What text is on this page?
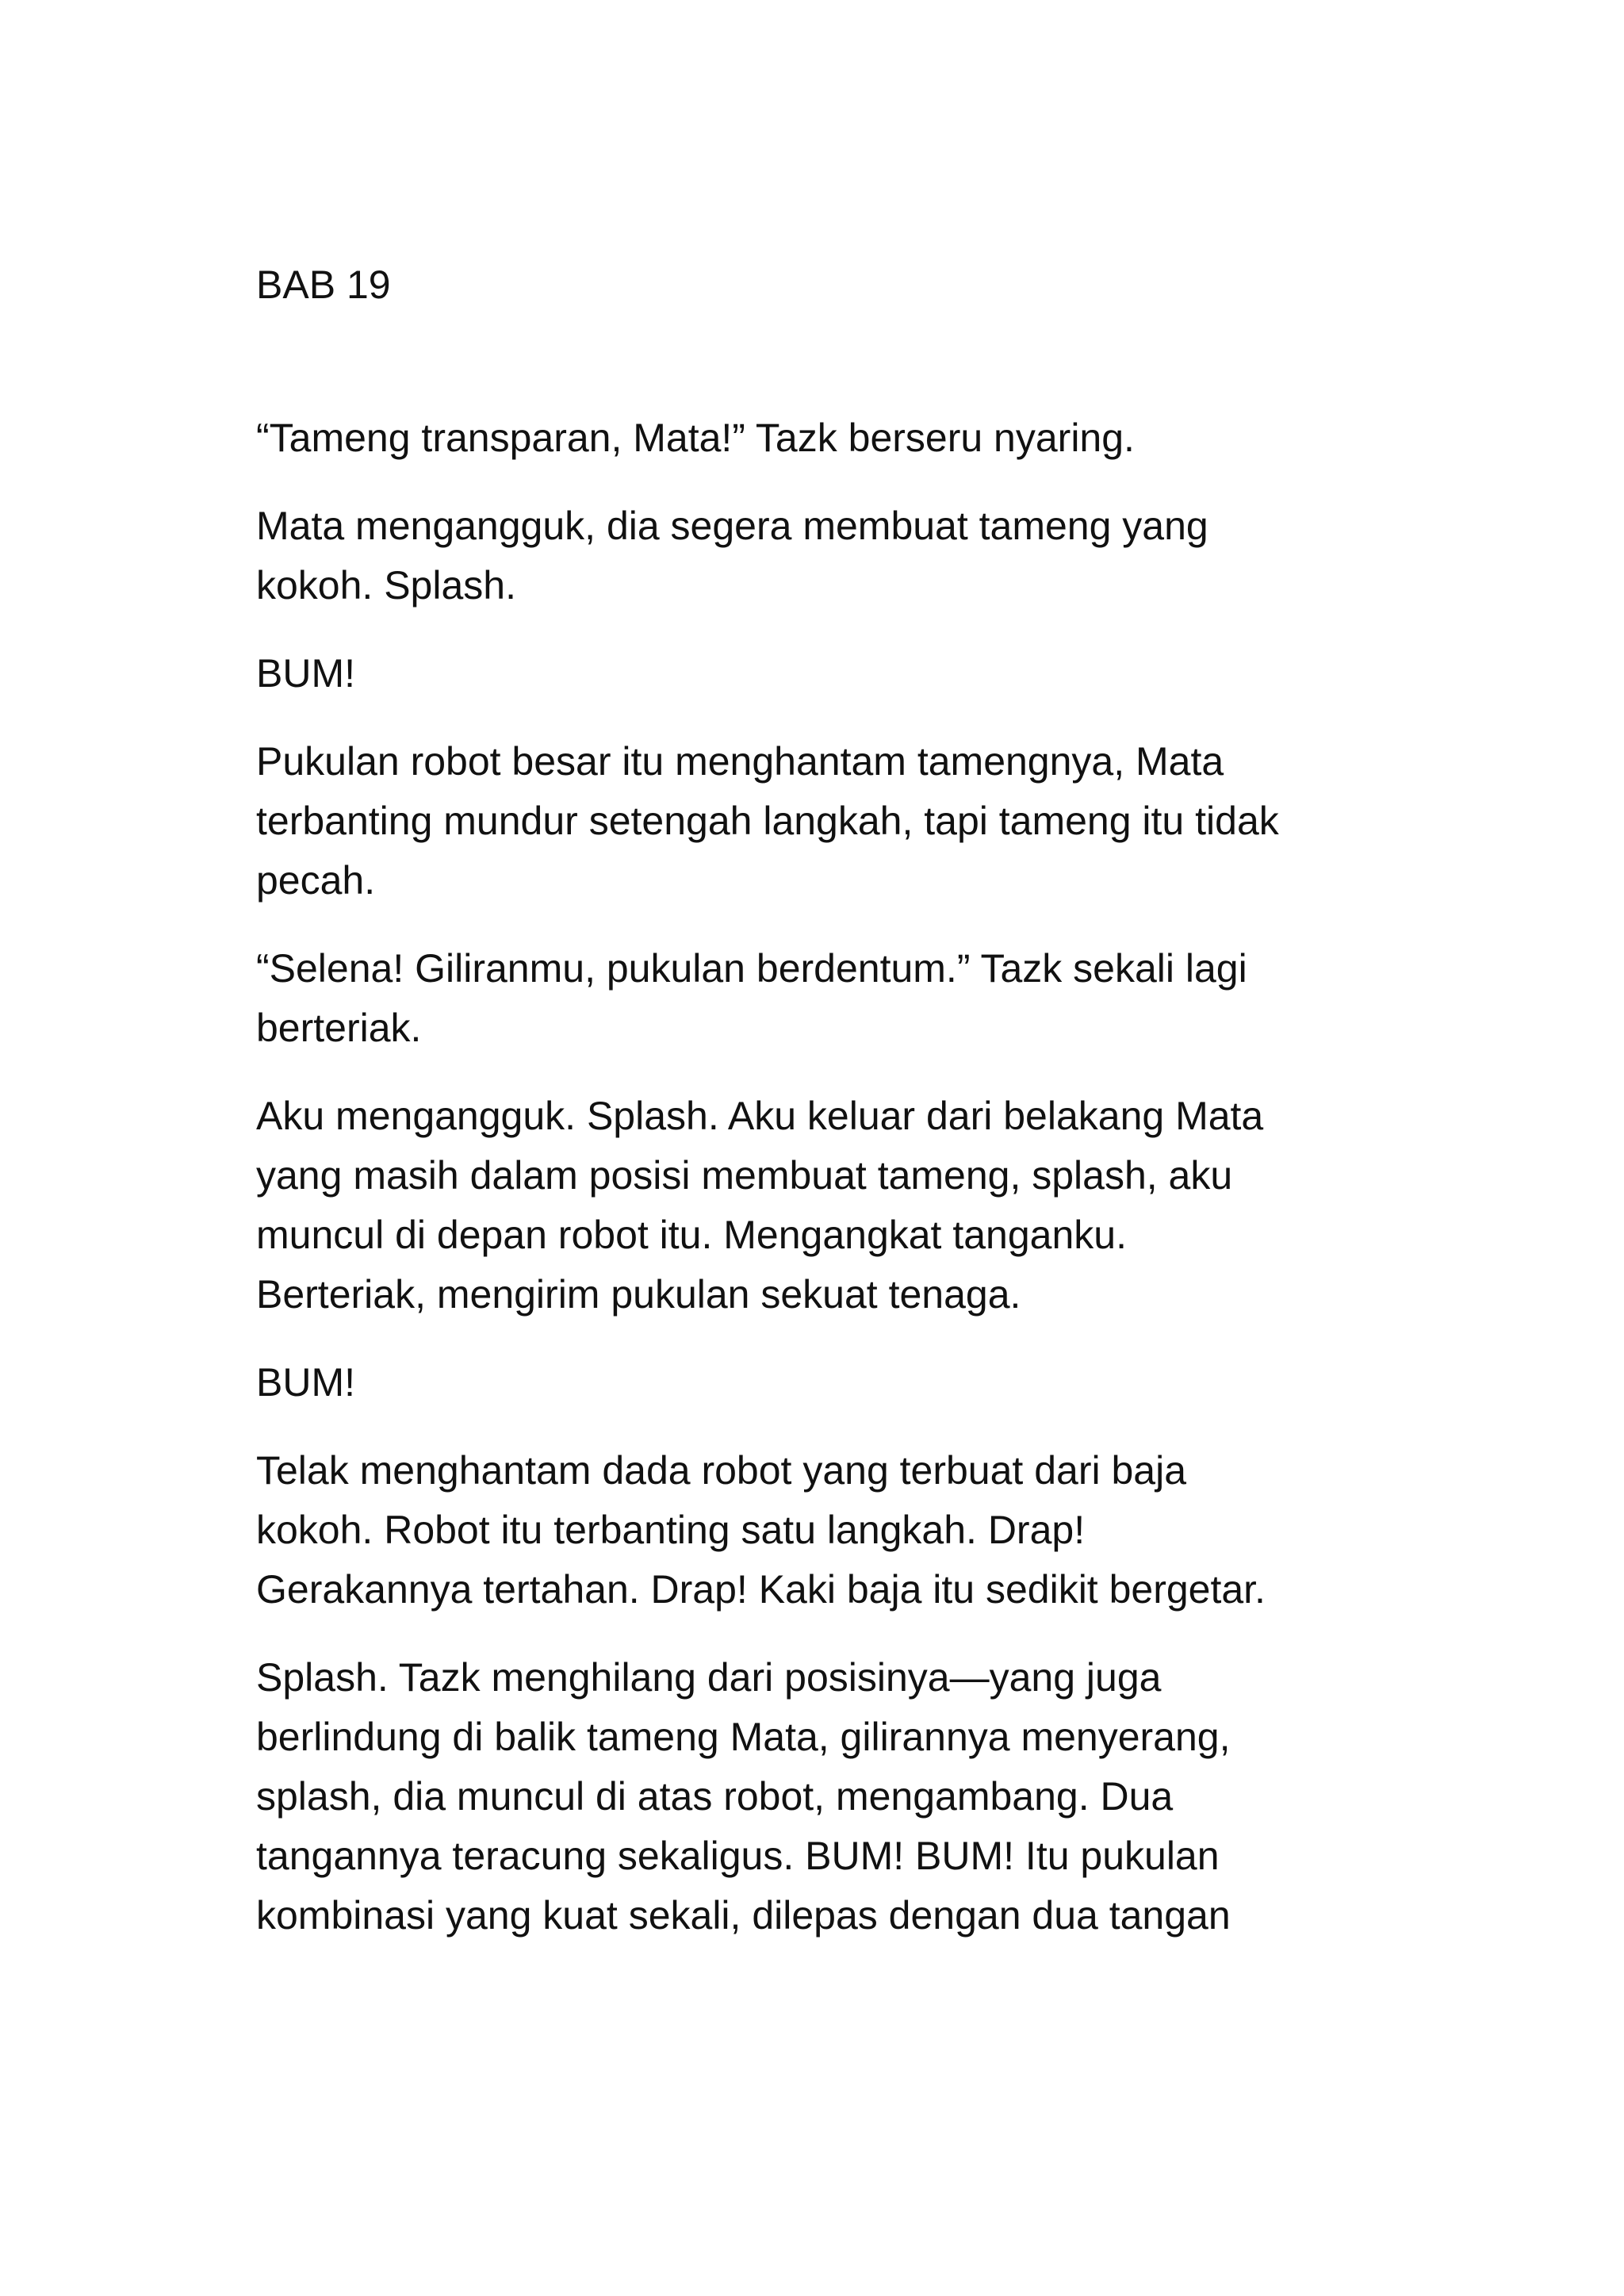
BAB 19

“Tameng transparan, Mata!” Tazk berseru nyaring.

Mata mengangguk, dia segera membuat tameng yang
kokoh. Splash.

BUM!

Pukulan robot besar itu menghantam tamengnya, Mata
terbanting mundur setengah langkah, tapi tameng itu tidak
pecah.

“Selena! Giliranmu, pukulan berdentum.” Tazk sekali lagi
berteriak.

Aku mengangguk. Splash. Aku keluar dari belakang Mata
yang masih dalam posisi membuat tameng, splash, aku
muncul di depan robot itu. Mengangkat tanganku.
Berteriak, mengirim pukulan sekuat tenaga.

BUM!

Telak menghantam dada robot yang terbuat dari baja
kokoh. Robot itu terbanting satu langkah. Drap!
Gerakannya tertahan. Drap! Kaki baja itu sedikit bergetar.

Splash. Tazk menghilang dari posisinya—yang juga
berlindung di balik tameng Mata, gilirannya menyerang,
splash, dia muncul di atas robot, mengambang. Dua
tangannya teracung sekaligus. BUM! BUM! Itu pukulan
kombinasi yang kuat sekali, dilepas dengan dua tangan
